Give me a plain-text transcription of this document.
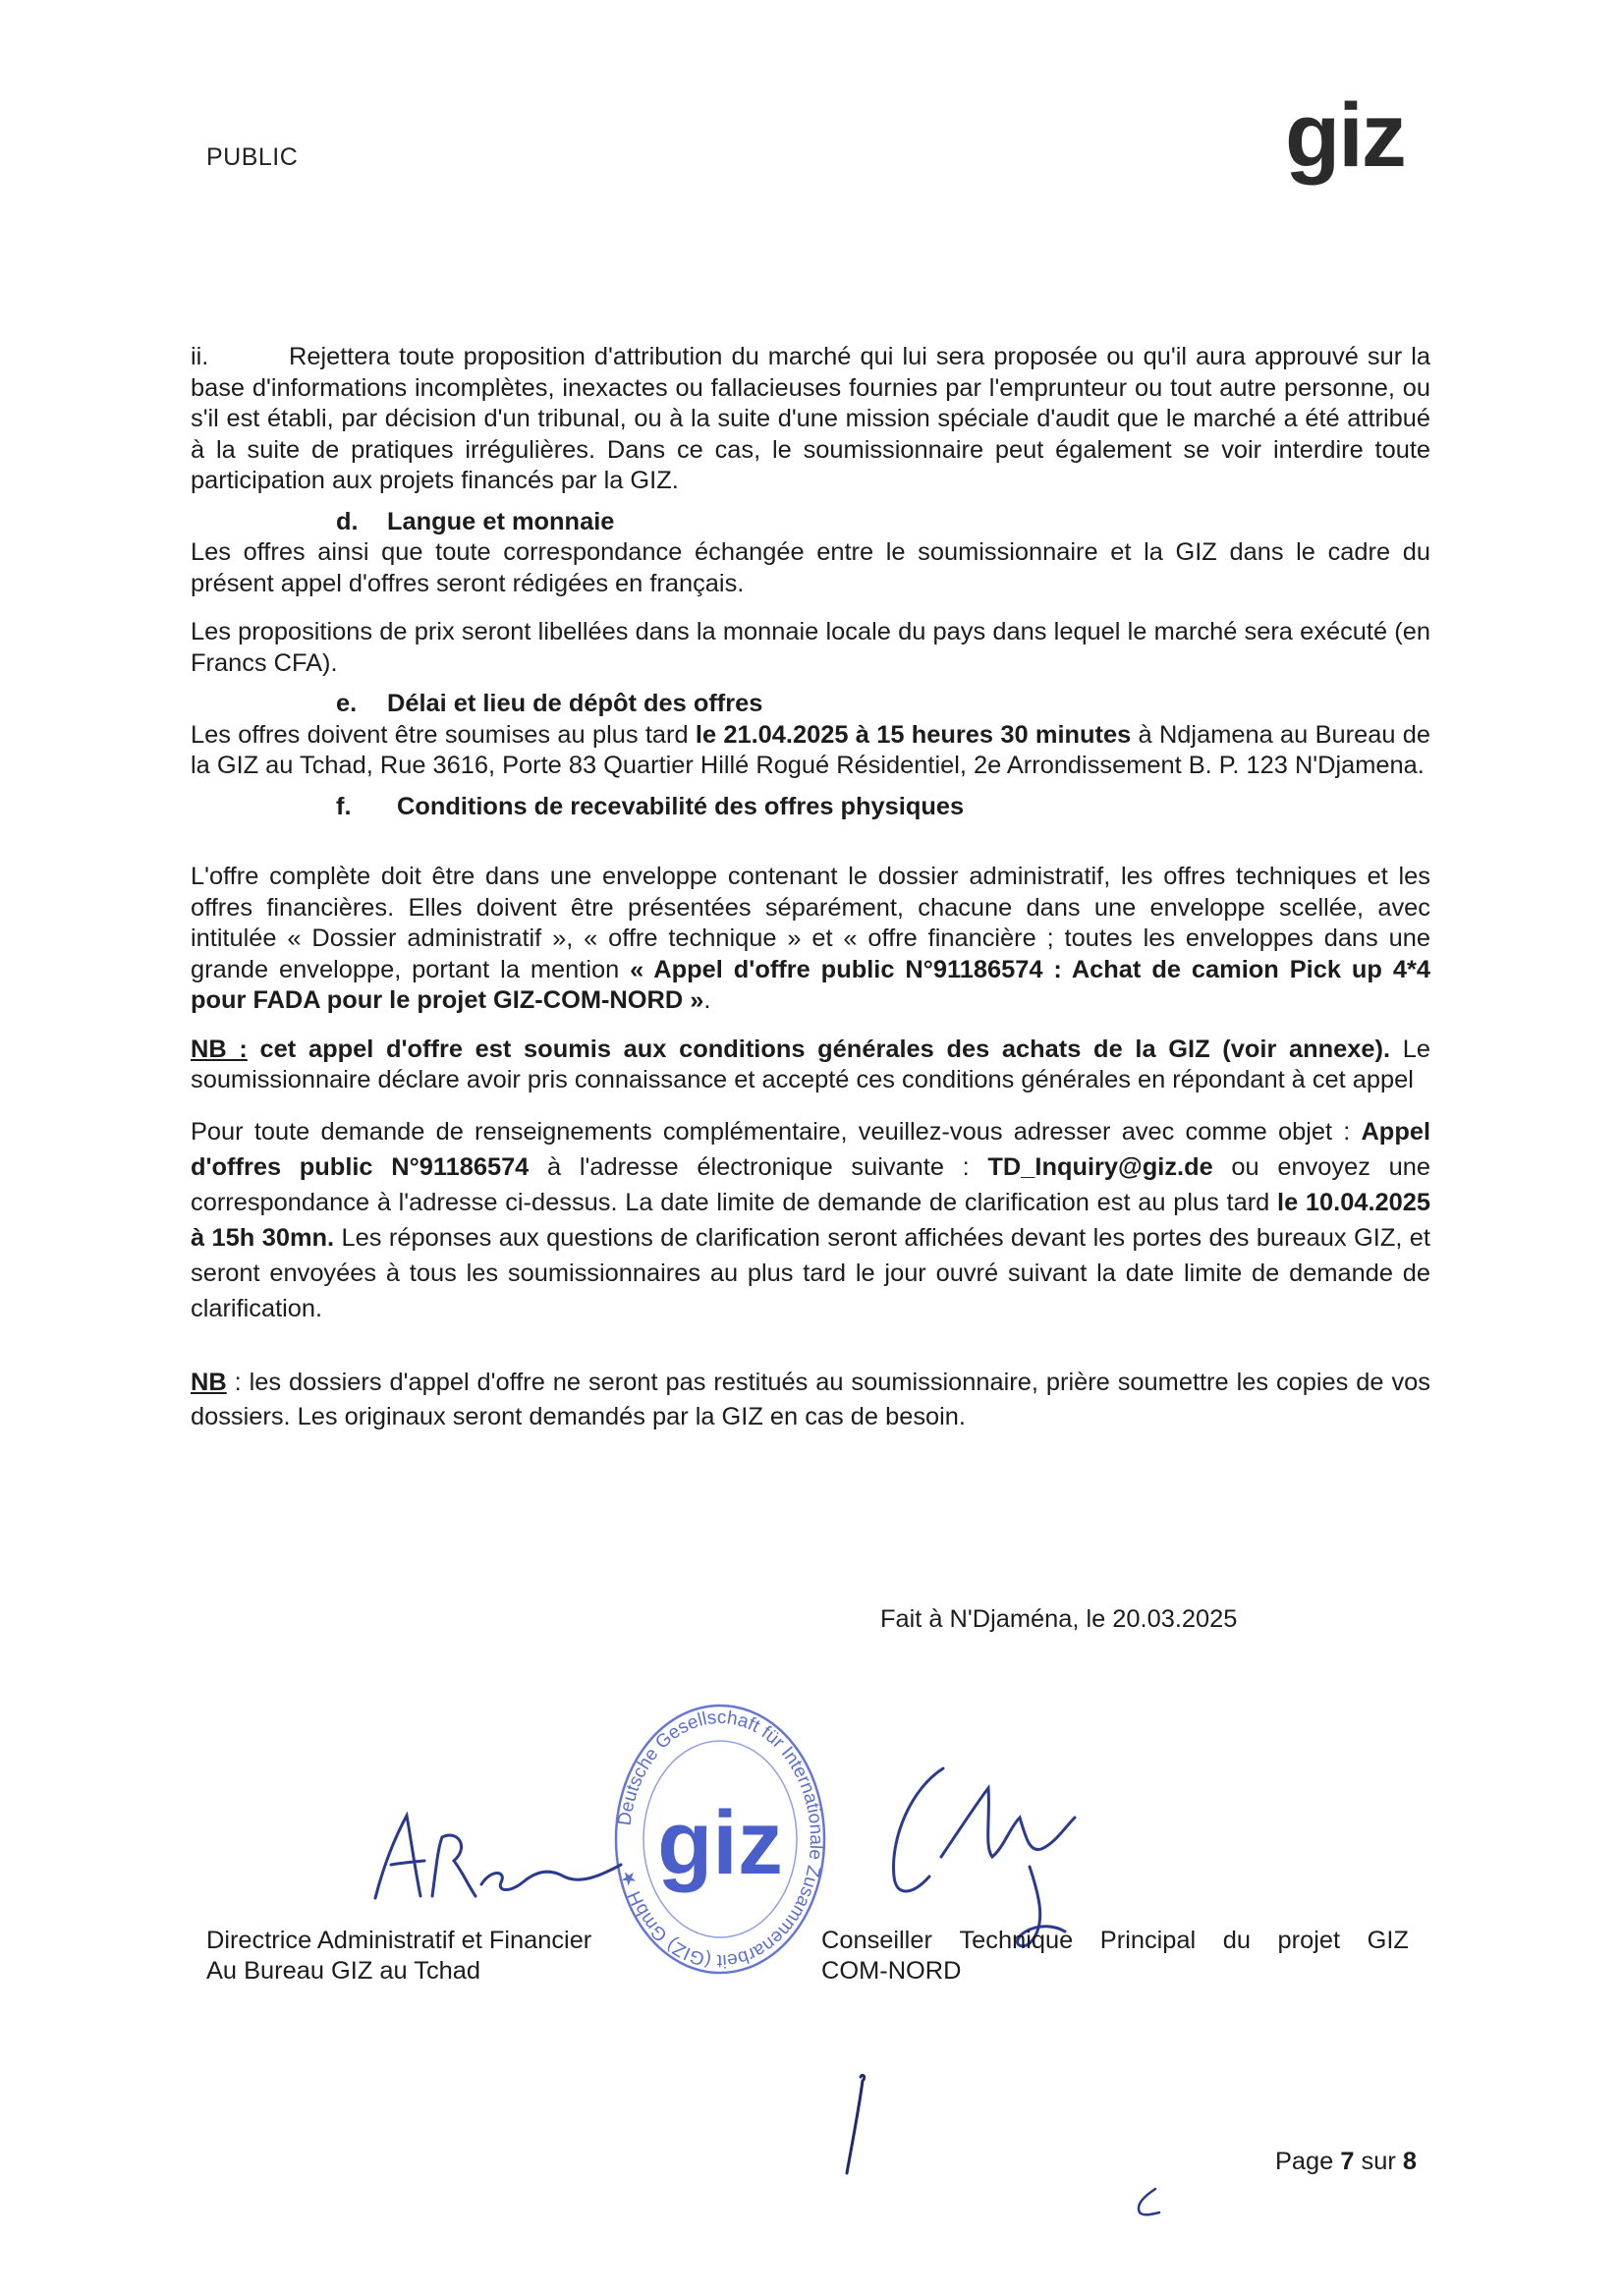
PUBLIC	giz

ii.	Rejettera toute proposition d'attribution du marché qui lui sera proposée ou qu'il aura approuvé sur la base d'informations incomplètes, inexactes ou fallacieuses fournies par l'emprunteur ou tout autre personne, ou s'il est établi, par décision d'un tribunal, ou à la suite d'une mission spéciale d'audit que le marché a été attribué à la suite de pratiques irrégulières. Dans ce cas, le soumissionnaire peut également se voir interdire toute participation aux projets financés par la GIZ.

d. Langue et monnaie

Les offres ainsi que toute correspondance échangée entre le soumissionnaire et la GIZ dans le cadre du présent appel d'offres seront rédigées en français.

Les propositions de prix seront libellées dans la monnaie locale du pays dans lequel le marché sera exécuté (en Francs CFA).

e. Délai et lieu de dépôt des offres

Les offres doivent être soumises au plus tard le 21.04.2025 à 15 heures 30 minutes à Ndjamena au Bureau de la GIZ au Tchad, Rue 3616, Porte 83 Quartier Hillé Rogué Résidentiel, 2e Arrondissement B. P. 123 N'Djamena.

f. Conditions de recevabilité des offres physiques

L'offre complète doit être dans une enveloppe contenant le dossier administratif, les offres techniques et les offres financières. Elles doivent être présentées séparément, chacune dans une enveloppe scellée, avec intitulée « Dossier administratif », « offre technique » et « offre financière ; toutes les enveloppes dans une grande enveloppe, portant la mention « Appel d'offre public N°91186574 : Achat de camion Pick up 4*4 pour FADA pour le projet GIZ-COM-NORD ».

NB : cet appel d'offre est soumis aux conditions générales des achats de la GIZ (voir annexe). Le soumissionnaire déclare avoir pris connaissance et accepté ces conditions générales en répondant à cet appel

Pour toute demande de renseignements complémentaire, veuillez-vous adresser avec comme objet : Appel d'offres public N°91186574 à l'adresse électronique suivante : TD_Inquiry@giz.de ou envoyez une correspondance à l'adresse ci-dessus. La date limite de demande de clarification est au plus tard le 10.04.2025 à 15h 30mn. Les réponses aux questions de clarification seront affichées devant les portes des bureaux GIZ, et seront envoyées à tous les soumissionnaires au plus tard le jour ouvré suivant la date limite de demande de clarification.

NB : les dossiers d'appel d'offre ne seront pas restitués au soumissionnaire, prière soumettre les copies de vos dossiers. Les originaux seront demandés par la GIZ en cas de besoin.

Fait à N'Djaména, le 20.03.2025
Deutsche Gesellschaft für Internationale Zusammenarbeit (GIZ) GmbH ★ giz
Directrice Administratif et Financier
Au Bureau GIZ au Tchad
Conseiller Technique Principal du projet GIZ
COM-NORD
Page 7 sur 8
